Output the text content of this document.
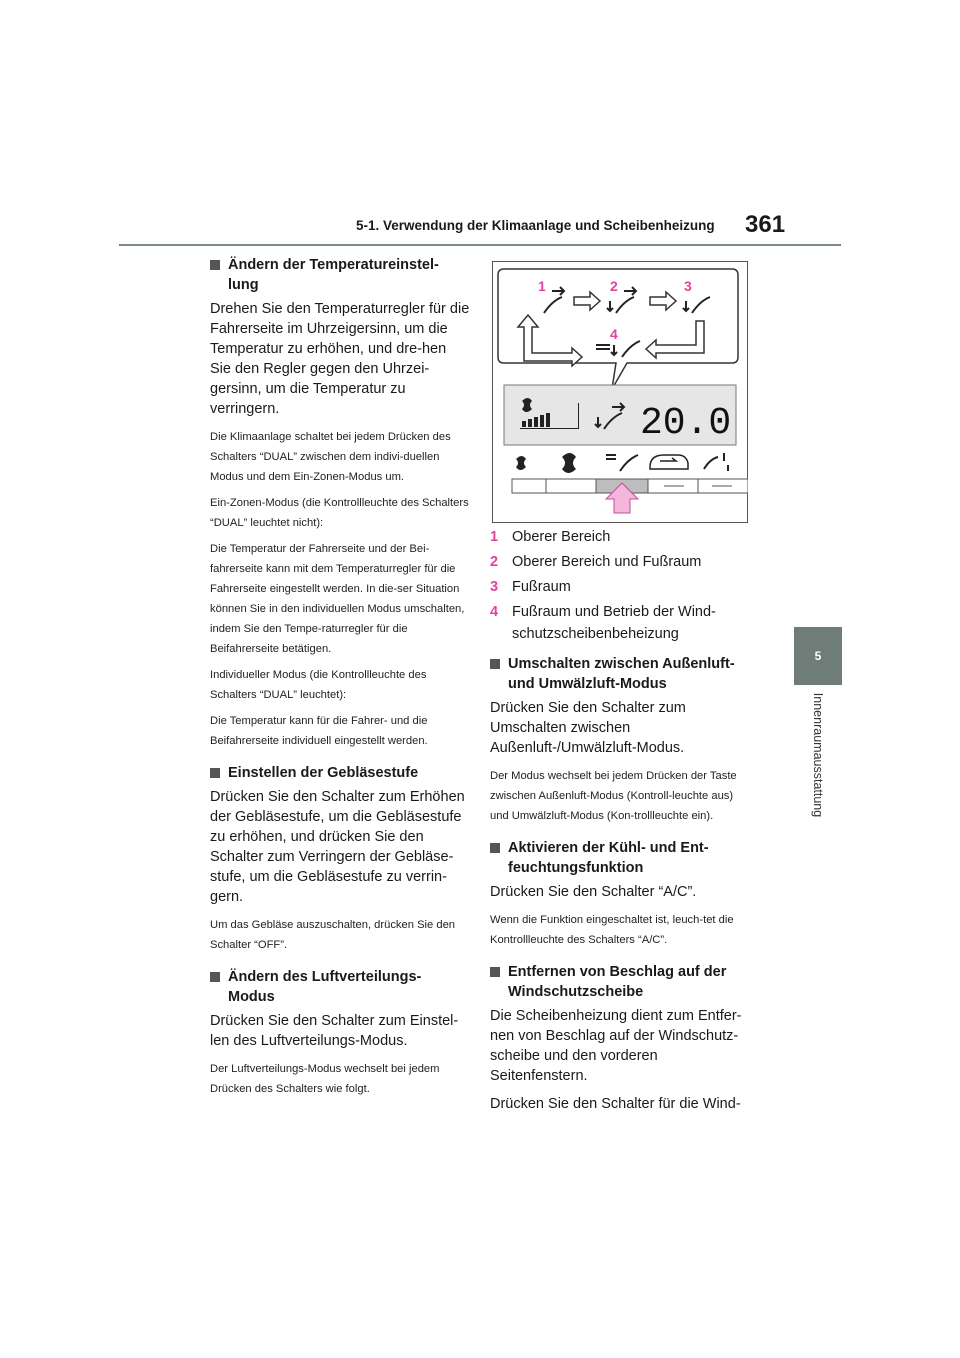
5-1. Verwendung der Klimaanlage und Scheibenheizung 361
5
Innenraumausstattung
Ändern der Temperatureinstel-
lung
Drehen Sie den Temperaturregler für die Fahrerseite im Uhrzeigersinn, um die Temperatur zu erhöhen, und dre-hen Sie den Regler gegen den Uhrzei-gersinn, um die Temperatur zu verringern.
Die Klimaanlage schaltet bei jedem Drücken des Schalters “DUAL” zwischen dem indivi-duellen Modus und dem Ein-Zonen-Modus um.
Ein-Zonen-Modus (die Kontrollleuchte des Schalters “DUAL” leuchtet nicht):
Die Temperatur der Fahrerseite und der Bei-fahrerseite kann mit dem Temperaturregler für die Fahrerseite eingestellt werden. In die-ser Situation können Sie in den individuellen Modus umschalten, indem Sie den Tempe-raturregler für die Beifahrerseite betätigen.
Individueller Modus (die Kontrollleuchte des Schalters “DUAL” leuchtet):
Die Temperatur kann für die Fahrer- und die Beifahrerseite individuell eingestellt werden.
Einstellen der Gebläsestufe
Drücken Sie den Schalter zum Erhöhen der Gebläsestufe, um die Gebläsestufe zu erhöhen, und drücken Sie den Schalter zum Verringern der Gebläse-stufe, um die Gebläsestufe zu verrin-gern.
Um das Gebläse auszuschalten, drücken Sie den Schalter “OFF”.
Ändern des Luftverteilungs-
Modus
Drücken Sie den Schalter zum Einstel-len des Luftverteilungs-Modus.
Der Luftverteilungs-Modus wechselt bei jedem Drücken des Schalters wie folgt.
1	2	3
4
20.0
1 Oberer Bereich
2 Oberer Bereich und Fußraum
3 Fußraum
4 Fußraum und Betrieb der Wind-
schutzscheibenbeheizung
Umschalten zwischen Außenluft-
und Umwälzluft-Modus
Drücken Sie den Schalter zum Umschalten zwischen Außenluft-/Umwälzluft-Modus.
Der Modus wechselt bei jedem Drücken der Taste zwischen Außenluft-Modus (Kontroll-leuchte aus) und Umwälzluft-Modus (Kon-trollleuchte ein).
Aktivieren der Kühl- und Ent-
feuchtungsfunktion
Drücken Sie den Schalter “A/C”.
Wenn die Funktion eingeschaltet ist, leuch-tet die Kontrollleuchte des Schalters “A/C”.
Entfernen von Beschlag auf der
Windschutzscheibe
Die Scheibenheizung dient zum Entfer-nen von Beschlag auf der Windschutz-scheibe und den vorderen Seitenfenstern.
Drücken Sie den Schalter für die Wind-
